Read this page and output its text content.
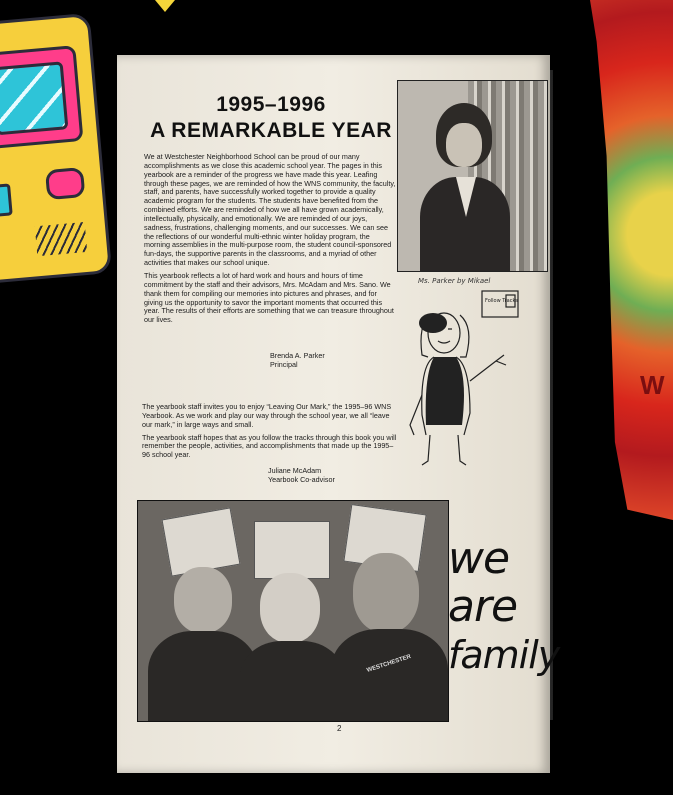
W
1995–1996
A REMARKABLE YEAR

We at Westchester Neighborhood School can be proud of our many accomplishments as we close this academic school year. The pages in this yearbook are a reminder of the progress we have made this year. Leafing through these pages, we are reminded of how the WNS community, the faculty, staff, and parents, have successfully worked together to provide a quality academic program for the students. The students have benefited from the combined efforts. We are reminded of how we all have grown academically, intellectually, physically, and emotionally. We are reminded of our joys, sadness, frustrations, challenging moments, and our successes. We can see the reflections of our wonderful multi-ethnic winter holiday program, the morning assemblies in the multi-purpose room, the student council-sponsored fun-days, the supportive parents in the classrooms, and a myriad of other activities that makes our school unique.

This yearbook reflects a lot of hard work and hours and hours of time commitment by the staff and their advisors, Mrs. McAdam and Mrs. Sano. We thank them for compiling our memories into pictures and phrases, and for giving us the opportunity to savor the important moments that occurred this year. The results of their efforts are something that we can treasure throughout our lives.

Brenda A. Parker
Principal

The yearbook staff invites you to enjoy “Leaving Our Mark,” the 1995–96 WNS Yearbook. As we work and play our way through the school year, we all “leave our mark,” in large ways and small.

The yearbook staff hopes that as you follow the tracks through this book you will remember the people, activities, and accomplishments that made up the 1995–96 school year.

Juliane McAdam
Yearbook Co-advisor
Ms. Parker by Mikael
Follow Tracks
WESTCHESTER
we
are
family
2
